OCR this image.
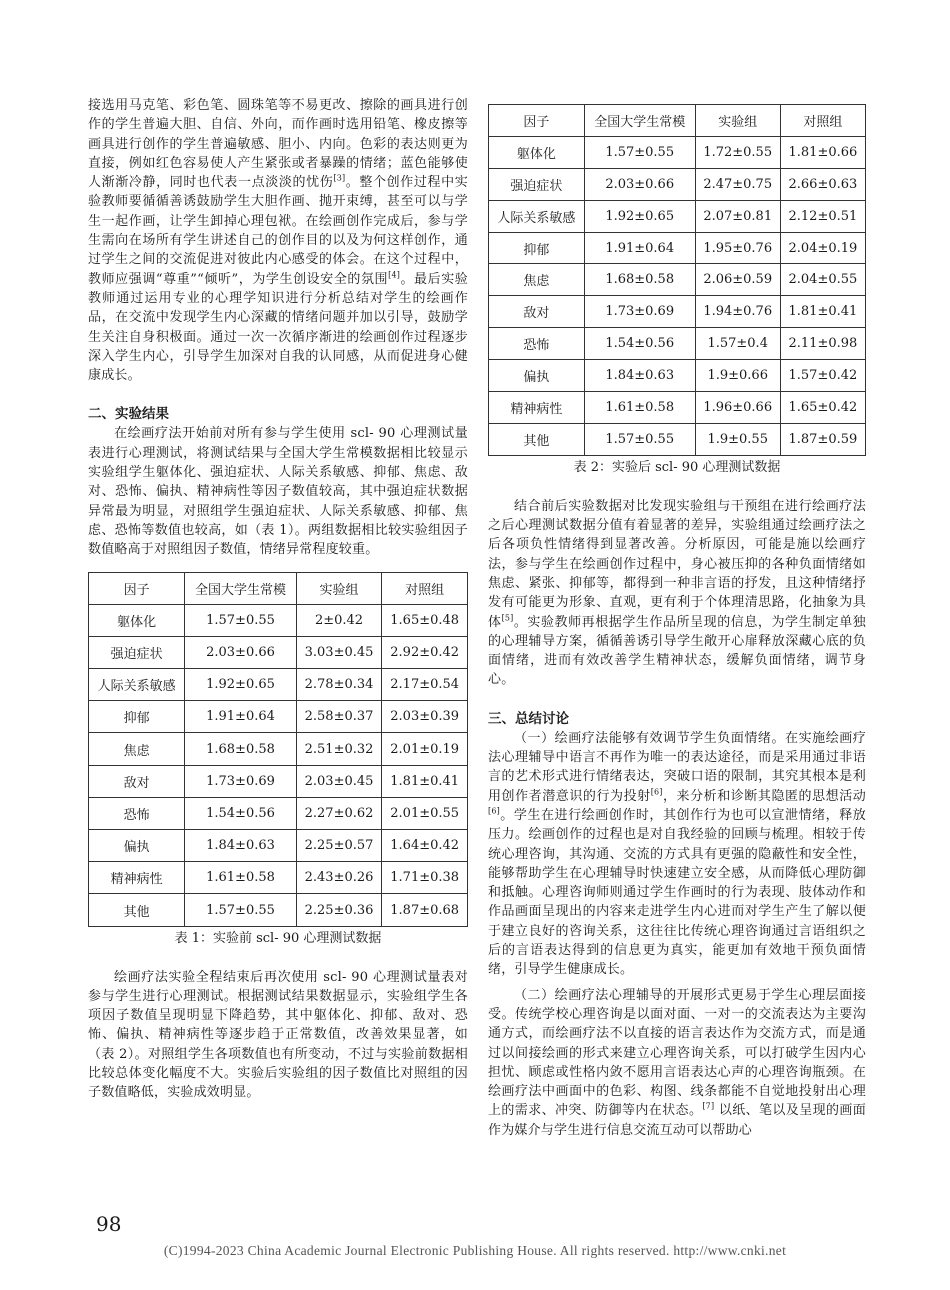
接选用马克笔、彩色笔、圆珠笔等不易更改、擦除的画具进行创作的学生普遍大胆、自信、外向，而作画时选用铅笔、橡皮擦等画具进行创作的学生普遍敏感、胆小、内向。色彩的表达则更为直接，例如红色容易使人产生紧张或者暴躁的情绪；蓝色能够使人渐渐冷静，同时也代表一点淡淡的忧伤[3]。整个创作过程中实验教师要循循善诱鼓励学生大胆作画、抛开束缚，甚至可以与学生一起作画，让学生卸掉心理包袱。在绘画创作完成后，参与学生需向在场所有学生讲述自己的创作目的以及为何这样创作，通过学生之间的交流促进对彼此内心感受的体会。在这个过程中，教师应强调“尊重”“倾听”，为学生创设安全的氛围[4]。最后实验教师通过运用专业的心理学知识进行分析总结对学生的绘画作品，在交流中发现学生内心深藏的情绪问题并加以引导，鼓励学生关注自身积极面。通过一次一次循序渐进的绘画创作过程逐步深入学生内心，引导学生加深对自我的认同感，从而促进身心健康成长。

二、实验结果

在绘画疗法开始前对所有参与学生使用 scl- 90 心理测试量表进行心理测试，将测试结果与全国大学生常模数据相比较显示实验组学生躯体化、强迫症状、人际关系敏感、抑郁、焦虑、敌对、恐怖、偏执、精神病性等因子数值较高，其中强迫症状数据异常最为明显，对照组学生强迫症状、人际关系敏感、抑郁、焦虑、恐怖等数值也较高，如（表 1）。两组数据相比较实验组因子数值略高于对照组因子数值，情绪异常程度较重。

因子	全国大学生常模	实验组	对照组
躯体化	1.57±0.55	2±0.42	1.65±0.48
强迫症状	2.03±0.66	3.03±0.45	2.92±0.42
人际关系敏感	1.92±0.65	2.78±0.34	2.17±0.54
抑郁	1.91±0.64	2.58±0.37	2.03±0.39
焦虑	1.68±0.58	2.51±0.32	2.01±0.19
敌对	1.73±0.69	2.03±0.45	1.81±0.41
恐怖	1.54±0.56	2.27±0.62	2.01±0.55
偏执	1.84±0.63	2.25±0.57	1.64±0.42
精神病性	1.61±0.58	2.43±0.26	1.71±0.38
其他	1.57±0.55	2.25±0.36	1.87±0.68
表 1：实验前 scl- 90 心理测试数据

绘画疗法实验全程结束后再次使用 scl- 90 心理测试量表对参与学生进行心理测试。根据测试结果数据显示，实验组学生各项因子数值呈现明显下降趋势，其中躯体化、抑郁、敌对、恐怖、偏执、精神病性等逐步趋于正常数值，改善效果显著，如（表 2）。对照组学生各项数值也有所变动，不过与实验前数据相比较总体变化幅度不大。实验后实验组的因子数值比对照组的因子数值略低，实验成效明显。

因子	全国大学生常模	实验组	对照组
躯体化	1.57±0.55	1.72±0.55	1.81±0.66
强迫症状	2.03±0.66	2.47±0.75	2.66±0.63
人际关系敏感	1.92±0.65	2.07±0.81	2.12±0.51
抑郁	1.91±0.64	1.95±0.76	2.04±0.19
焦虑	1.68±0.58	2.06±0.59	2.04±0.55
敌对	1.73±0.69	1.94±0.76	1.81±0.41
恐怖	1.54±0.56	1.57±0.4	2.11±0.98
偏执	1.84±0.63	1.9±0.66	1.57±0.42
精神病性	1.61±0.58	1.96±0.66	1.65±0.42
其他	1.57±0.55	1.9±0.55	1.87±0.59
表 2：实验后 scl- 90 心理测试数据

结合前后实验数据对比发现实验组与干预组在进行绘画疗法之后心理测试数据分值有着显著的差异，实验组通过绘画疗法之后各项负性情绪得到显著改善。分析原因，可能是施以绘画疗法，参与学生在绘画创作过程中，身心被压抑的各种负面情绪如焦虑、紧张、抑郁等，都得到一种非言语的抒发，且这种情绪抒发有可能更为形象、直观，更有利于个体理清思路，化抽象为具体[5]。实验教师再根据学生作品所呈现的信息，为学生制定单独的心理辅导方案，循循善诱引导学生敞开心扉释放深藏心底的负面情绪，进而有效改善学生精神状态，缓解负面情绪，调节身心。

三、总结讨论

（一）绘画疗法能够有效调节学生负面情绪。在实施绘画疗法心理辅导中语言不再作为唯一的表达途径，而是采用通过非语言的艺术形式进行情绪表达，突破口语的限制，其究其根本是利用创作者潜意识的行为投射[6]，来分析和诊断其隐匿的思想活动[6]。学生在进行绘画创作时，其创作行为也可以宣泄情绪，释放压力。绘画创作的过程也是对自我经验的回顾与梳理。相较于传统心理咨询，其沟通、交流的方式具有更强的隐蔽性和安全性，能够帮助学生在心理辅导时快速建立安全感，从而降低心理防御和抵触。心理咨询师则通过学生作画时的行为表现、肢体动作和作品画面呈现出的内容来走进学生内心进而对学生产生了解以便于建立良好的咨询关系，这往往比传统心理咨询通过言语组织之后的言语表达得到的信息更为真实，能更加有效地干预负面情绪，引导学生健康成长。

（二）绘画疗法心理辅导的开展形式更易于学生心理层面接受。传统学校心理咨询是以面对面、一对一的交流表达为主要沟通方式，而绘画疗法不以直接的语言表达作为交流方式，而是通过以间接绘画的形式来建立心理咨询关系，可以打破学生因内心担忧、顾虑或性格内敛不愿用言语表达心声的心理咨询瓶颈。在绘画疗法中画面中的色彩、构图、线条都能不自觉地投射出心理上的需求、冲突、防御等内在状态。[7] 以纸、笔以及呈现的画面作为媒介与学生进行信息交流互动可以帮助心

98
(C)1994-2023 China Academic Journal Electronic Publishing House. All rights reserved. http://www.cnki.net
